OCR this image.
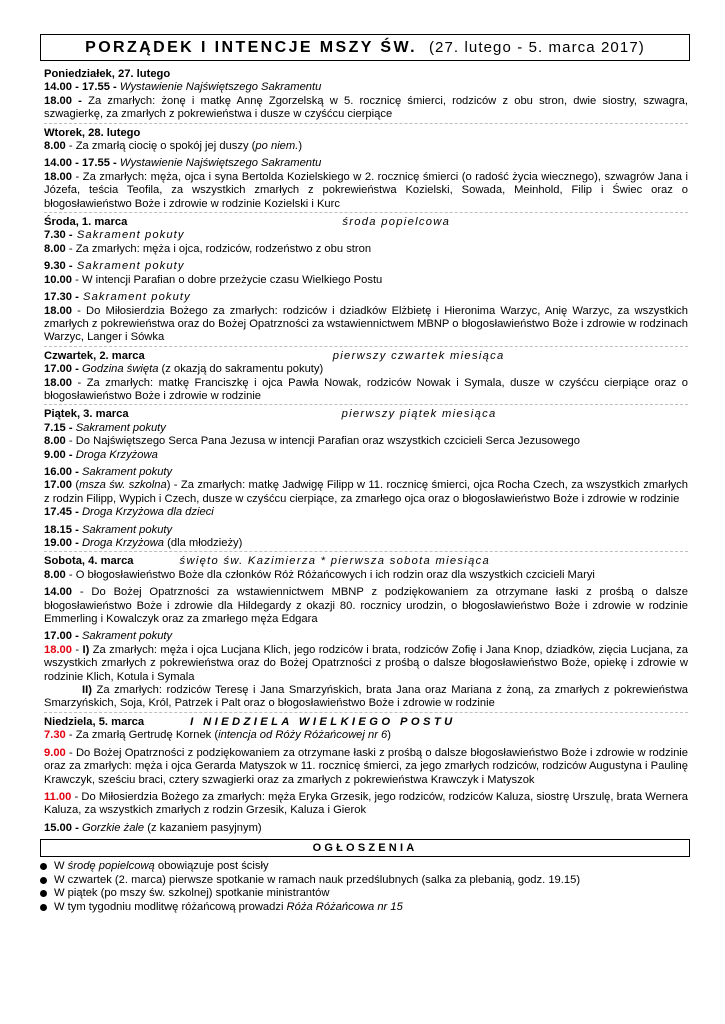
PORZĄDEK I INTENCJE MSZY ŚW. (27. lutego - 5. marca 2017)
Poniedziałek, 27. lutego
14.00 - 17.55 - Wystawienie Najświętszego Sakramentu
18.00 - Za zmarłych: żonę i matkę Annę Zgorzelską w 5. rocznicę śmierci, rodziców z obu stron, dwie siostry, szwagra, szwagierkę, za zmarłych z pokrewieństwa i dusze w czyśćcu cierpiące
Wtorek, 28. lutego
8.00 - Za zmarłą ciocię o spokój jej duszy (po niem.)
14.00 - 17.55 - Wystawienie Najświętszego Sakramentu
18.00 - Za zmarłych: męża, ojca i syna Bertolda Kozielskiego w 2. rocznicę śmierci (o radość życia wiecznego), szwagrów Jana i Józefa, teścia Teofila, za wszystkich zmarłych z pokrewieństwa Kozielski, Sowada, Meinhold, Filip i Świec oraz o błogosławieństwo Boże i zdrowie w rodzinie Kozielski i Kurc
Środa, 1. marca	środa popielcowa
7.30 - Sakrament pokuty
8.00 - Za zmarłych: męża i ojca, rodziców, rodzeństwo z obu stron
9.30 - Sakrament pokuty
10.00 - W intencji Parafian o dobre przeżycie czasu Wielkiego Postu
17.30 - Sakrament pokuty
18.00 - Do Miłosierdzia Bożego za zmarłych: rodziców i dziadków Elżbietę i Hieronima Warzyc, Anię Warzyc, za wszystkich zmarłych z pokrewieństwa oraz do Bożej Opatrzności za wstawiennictwem MBNP o błogosławieństwo Boże i zdrowie w rodzinach Warzyc, Langer i Sówka
Czwartek, 2. marca	pierwszy czwartek miesiąca
17.00 - Godzina święta (z okazją do sakramentu pokuty)
18.00 - Za zmarłych: matkę Franciszkę i ojca Pawła Nowak, rodziców Nowak i Symala, dusze w czyśćcu cierpiące oraz o błogosławieństwo Boże i zdrowie w rodzinie
Piątek, 3. marca	pierwszy piątek miesiąca
7.15 - Sakrament pokuty
8.00 - Do Najświętszego Serca Pana Jezusa w intencji Parafian oraz wszystkich czcicieli Serca Jezusowego
9.00 - Droga Krzyżowa
16.00 - Sakrament pokuty
17.00 (msza św. szkolna) - Za zmarłych: matkę Jadwigę Filipp w 11. rocznicę śmierci, ojca Rocha Czech, za wszystkich zmarłych z rodzin Filipp, Wypich i Czech, dusze w czyśćcu cierpiące, za zmarłego ojca oraz o błogosławieństwo Boże i zdrowie w rodzinie
17.45 - Droga Krzyżowa dla dzieci
18.15 - Sakrament pokuty
19.00 - Droga Krzyżowa (dla młodzieży)
Sobota, 4. marca	święto św. Kazimierza * pierwsza sobota miesiąca
8.00 - O błogosławieństwo Boże dla członków Róż Różańcowych i ich rodzin oraz dla wszystkich czcicieli Maryi
14.00 - Do Bożej Opatrzności za wstawiennictwem MBNP z podziękowaniem za otrzymane łaski z prośbą o dalsze błogosławieństwo Boże i zdrowie dla Hildegardy z okazji 80. rocznicy urodzin, o błogosławieństwo Boże i zdrowie w rodzinie Emmerling i Kowalczyk oraz za zmarłego męża Edgara
17.00 - Sakrament pokuty
18.00 - I) Za zmarłych: męża i ojca Lucjana Klich, jego rodziców i brata, rodziców Zofię i Jana Knop, dziadków, zięcia Lucjana, za wszystkich zmarłych z pokrewieństwa oraz do Bożej Opatrzności z prośbą o dalsze błogosławieństwo Boże, opiekę i zdrowie w rodzinie Klich, Kotula i Symala
II) Za zmarłych: rodziców Teresę i Jana Smarzyńskich, brata Jana oraz Mariana z żoną, za zmarłych z pokrewieństwa Smarzyńskich, Soja, Król, Patrzek i Palt oraz o błogosławieństwo Boże i zdrowie w rodzinie
Niedziela, 5. marca	I NIEDZIELA WIELKIEGO POSTU
7.30 - Za zmarłą Gertrudę Kornek (intencja od Róży Różańcowej nr 6)
9.00 - Do Bożej Opatrzności z podziękowaniem za otrzymane łaski z prośbą o dalsze błogosławieństwo Boże i zdrowie w rodzinie oraz za zmarłych: męża i ojca Gerarda Matyszok w 11. rocznicę śmierci, za jego zmarłych rodziców, rodziców Augustyna i Paulinę Krawczyk, sześciu braci, cztery szwagierki oraz za zmarłych z pokrewieństwa Krawczyk i Matyszok
11.00 - Do Miłosierdzia Bożego za zmarłych: męża Eryka Grzesik, jego rodziców, rodziców Kaluza, siostrę Urszulę, brata Wernera Kaluza, za wszystkich zmarłych z rodzin Grzesik, Kaluza i Gierok
15.00 - Gorzkie żale (z kazaniem pasyjnym)
OGŁOSZENIA
W środę popielcową obowiązuje post ścisły
W czwartek (2. marca) pierwsze spotkanie w ramach nauk przedślubnych (salka za plebanią, godz. 19.15)
W piątek (po mszy św. szkolnej) spotkanie ministrantów
W tym tygodniu modlitwę różańcową prowadzi Róża Różańcowa nr 15
